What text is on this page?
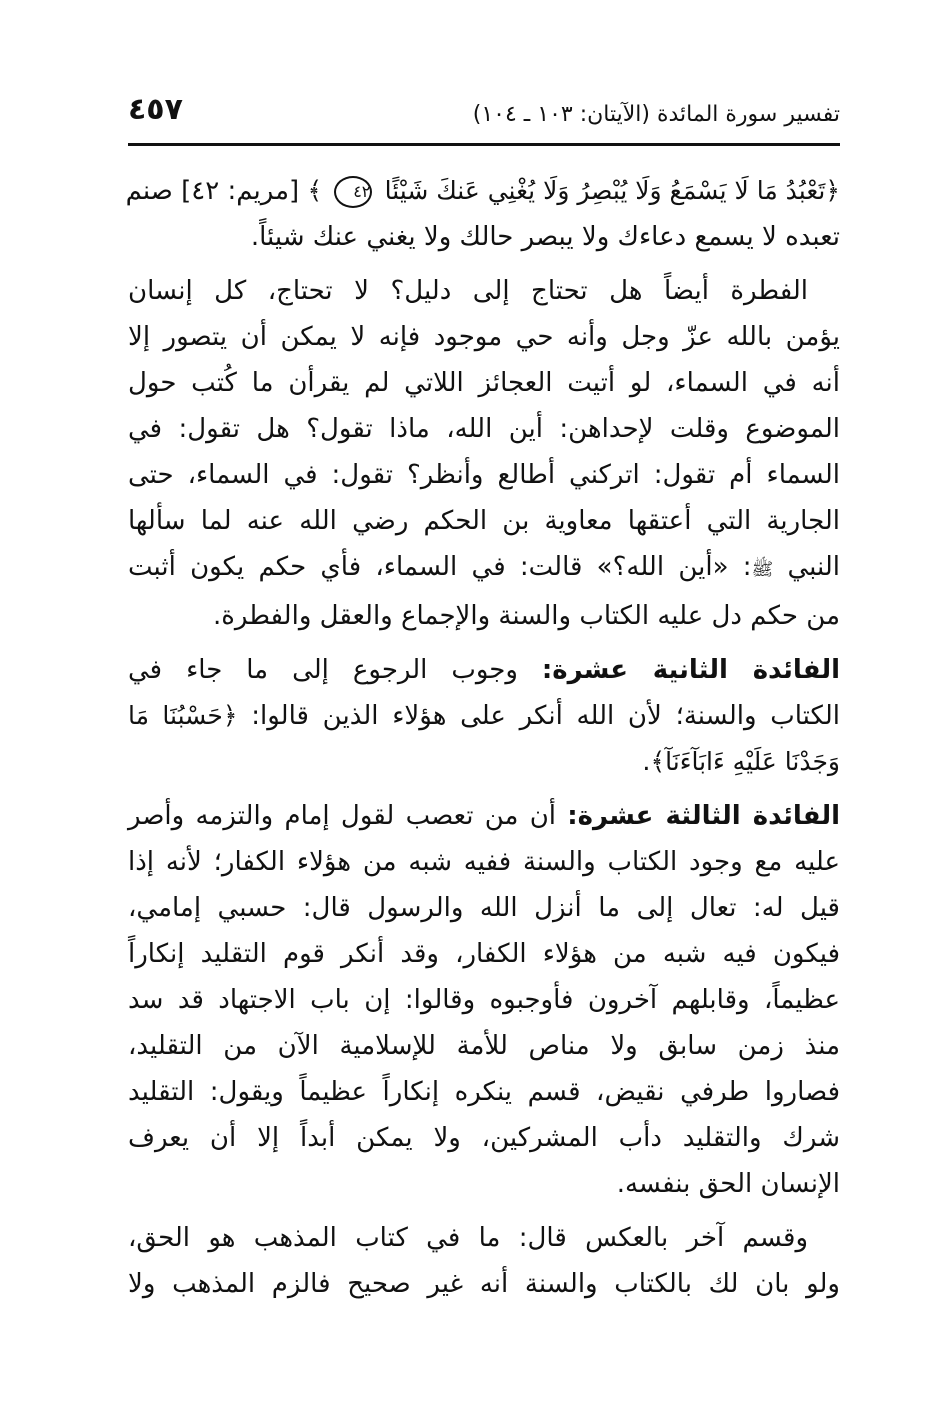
٤٥٧	تفسير سورة المائدة (الآيتان: ١٠٣ ـ ١٠٤)

﴿تَعْبُدُ مَا لَا يَسْمَعُ وَلَا يُبْصِرُ وَلَا يُغْنِي عَنكَ شَيْئًا ٤٢ ﴾ [مريم: ٤٢] صنم
تعبده لا يسمع دعاءك ولا يبصر حالك ولا يغني عنك شيئاً.

الفطرة أيضاً هل تحتاج إلى دليل؟ لا تحتاج، كل إنسان
يؤمن بالله عزّ وجل وأنه حي موجود فإنه لا يمكن أن يتصور إلا
أنه في السماء، لو أتيت العجائز اللاتي لم يقرأن ما كُتب حول
الموضوع وقلت لإحداهن: أين الله، ماذا تقول؟ هل تقول: في
السماء أم تقول: اتركني أطالع وأنظر؟ تقول: في السماء، حتى
الجارية التي أعتقها معاوية بن الحكم رضي الله عنه لما سألها
النبي ﷺ: «أين الله؟» قالت: في السماء، فأي حكم يكون أثبت
من حكم دل عليه الكتاب والسنة والإجماع والعقل والفطرة.

الفائدة الثانية عشرة: وجوب الرجوع إلى ما جاء في
الكتاب والسنة؛ لأن الله أنكر على هؤلاء الذين قالوا: ﴿حَسْبُنَا مَا
وَجَدْنَا عَلَيْهِ ءَابَآءَنَآ﴾.

الفائدة الثالثة عشرة: أن من تعصب لقول إمام والتزمه وأصر
عليه مع وجود الكتاب والسنة ففيه شبه من هؤلاء الكفار؛ لأنه إذا
قيل له: تعال إلى ما أنزل الله والرسول قال: حسبي إمامي،
فيكون فيه شبه من هؤلاء الكفار، وقد أنكر قوم التقليد إنكاراً
عظيماً، وقابلهم آخرون فأوجبوه وقالوا: إن باب الاجتهاد قد سد
منذ زمن سابق ولا مناص للأمة للإسلامية الآن من التقليد،
فصاروا طرفي نقيض، قسم ينكره إنكاراً عظيماً ويقول: التقليد
شرك والتقليد دأب المشركين، ولا يمكن أبداً إلا أن يعرف
الإنسان الحق بنفسه.

وقسم آخر بالعكس قال: ما في كتاب المذهب هو الحق،
ولو بان لك بالكتاب والسنة أنه غير صحيح فالزم المذهب ولا
